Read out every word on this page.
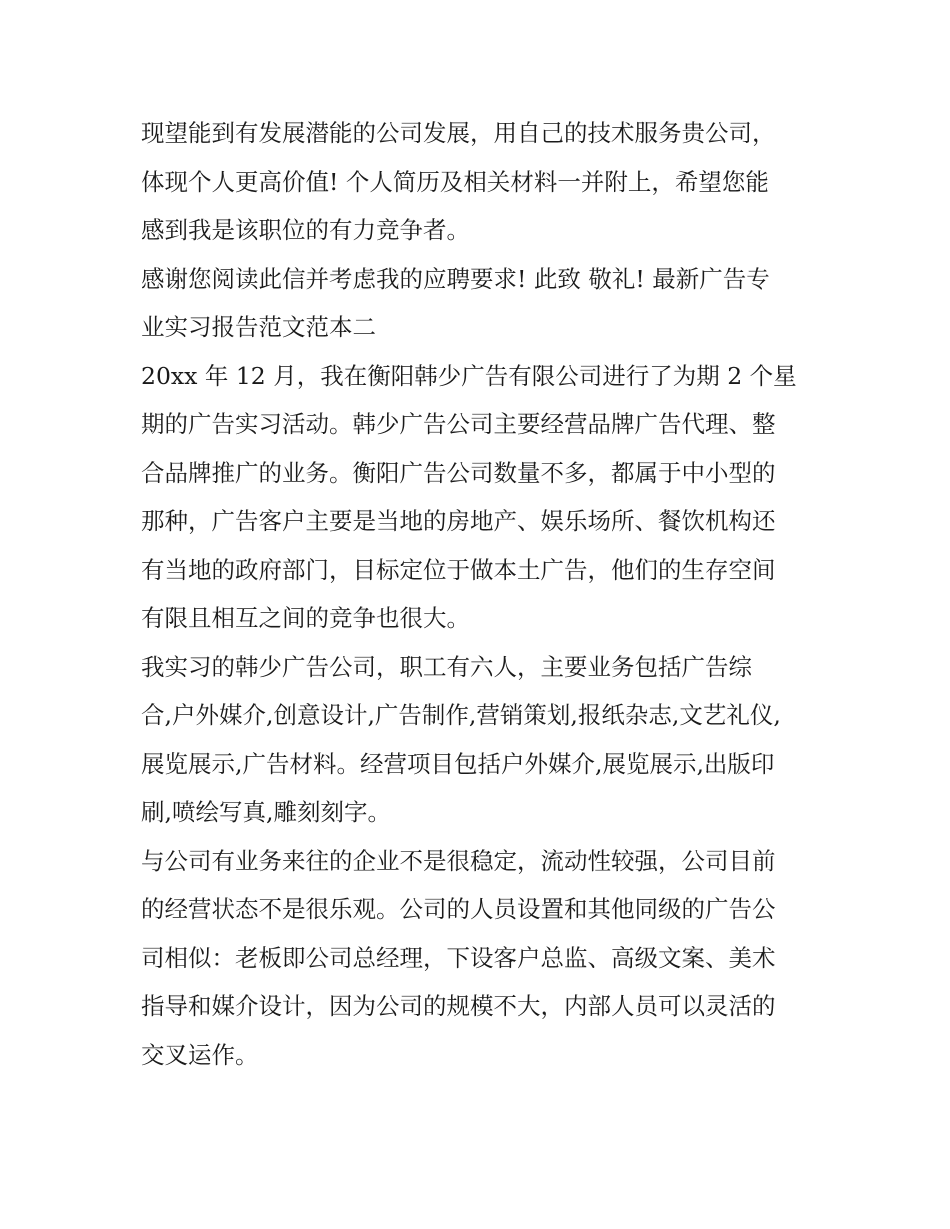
现望能到有发展潜能的公司发展，用自己的技术服务贵公司，
体现个人更高价值! 个人简历及相关材料一并附上，希望您能
感到我是该职位的有力竞争者。
感谢您阅读此信并考虑我的应聘要求! 此致 敬礼! 最新广告专
业实习报告范文范本二
20xx 年 12 月，我在衡阳韩少广告有限公司进行了为期 2 个星
期的广告实习活动。韩少广告公司主要经营品牌广告代理、整
合品牌推广的业务。衡阳广告公司数量不多，都属于中小型的
那种，广告客户主要是当地的房地产、娱乐场所、餐饮机构还
有当地的政府部门，目标定位于做本土广告，他们的生存空间
有限且相互之间的竞争也很大。
我实习的韩少广告公司，职工有六人，主要业务包括广告综
合,户外媒介,创意设计,广告制作,营销策划,报纸杂志,文艺礼仪,
展览展示,广告材料。经营项目包括户外媒介,展览展示,出版印
刷,喷绘写真,雕刻刻字。
与公司有业务来往的企业不是很稳定，流动性较强，公司目前
的经营状态不是很乐观。公司的人员设置和其他同级的广告公
司相似：老板即公司总经理，下设客户总监、高级文案、美术
指导和媒介设计，因为公司的规模不大，内部人员可以灵活的
交叉运作。
